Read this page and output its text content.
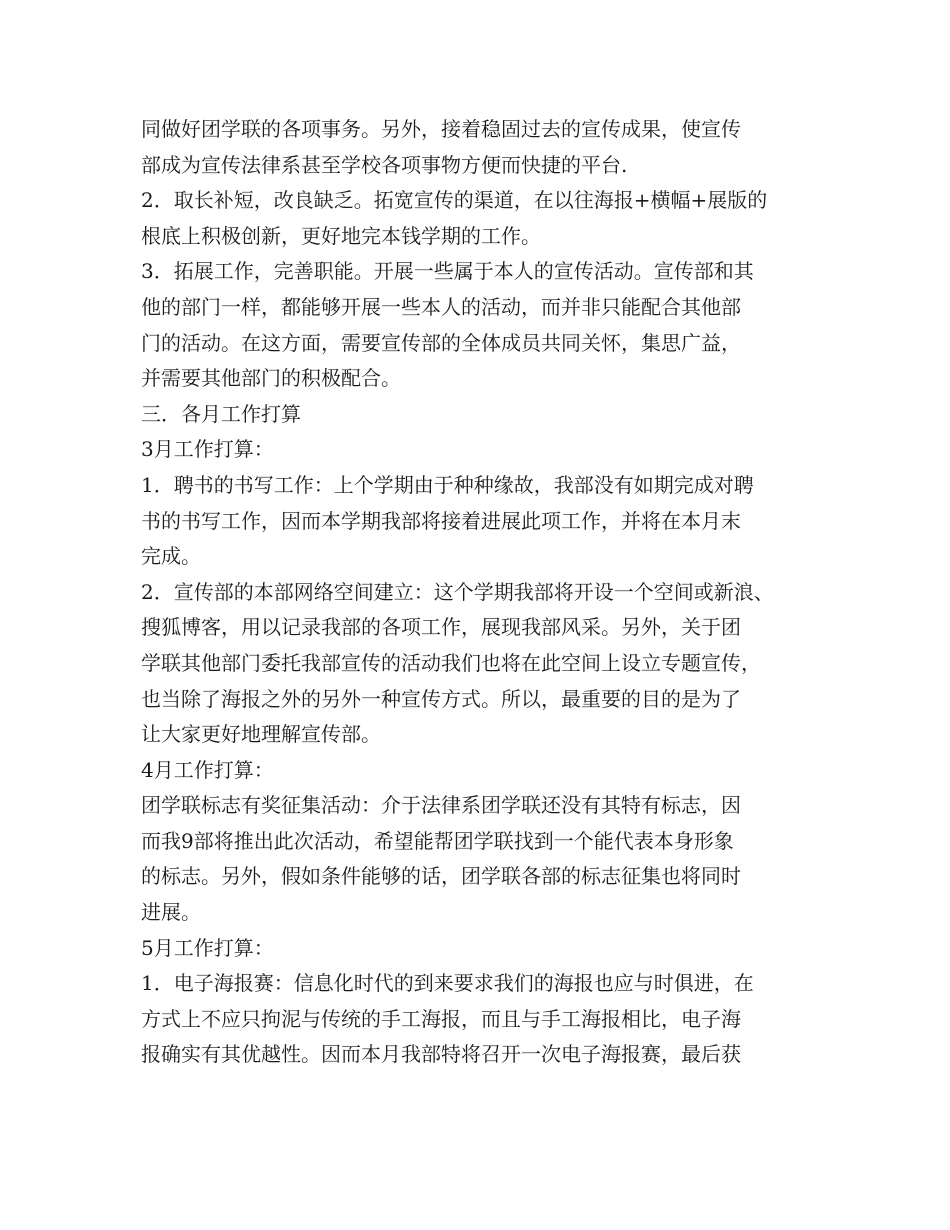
同做好团学联的各项事务。另外，接着稳固过去的宣传成果，使宣传
部成为宣传法律系甚至学校各项事物方便而快捷的平台.
2．取长补短，改良缺乏。拓宽宣传的渠道，在以往海报+横幅+展版的
根底上积极创新，更好地完本钱学期的工作。
3．拓展工作，完善职能。开展一些属于本人的宣传活动。宣传部和其
他的部门一样，都能够开展一些本人的活动，而并非只能配合其他部
门的活动。在这方面，需要宣传部的全体成员共同关怀，集思广益，
并需要其他部门的积极配合。
三．各月工作打算
3月工作打算：
1．聘书的书写工作：上个学期由于种种缘故，我部没有如期完成对聘
书的书写工作，因而本学期我部将接着进展此项工作，并将在本月末
完成。
2．宣传部的本部网络空间建立：这个学期我部将开设一个空间或新浪、
搜狐博客，用以记录我部的各项工作，展现我部风采。另外，关于团
学联其他部门委托我部宣传的活动我们也将在此空间上设立专题宣传，
也当除了海报之外的另外一种宣传方式。所以，最重要的目的是为了
让大家更好地理解宣传部。
4月工作打算：
团学联标志有奖征集活动：介于法律系团学联还没有其特有标志，因
而我9部将推出此次活动，希望能帮团学联找到一个能代表本身形象
的标志。另外，假如条件能够的话，团学联各部的标志征集也将同时
进展。
5月工作打算：
1．电子海报赛：信息化时代的到来要求我们的海报也应与时俱进，在
方式上不应只拘泥与传统的手工海报，而且与手工海报相比，电子海
报确实有其优越性。因而本月我部特将召开一次电子海报赛，最后获
